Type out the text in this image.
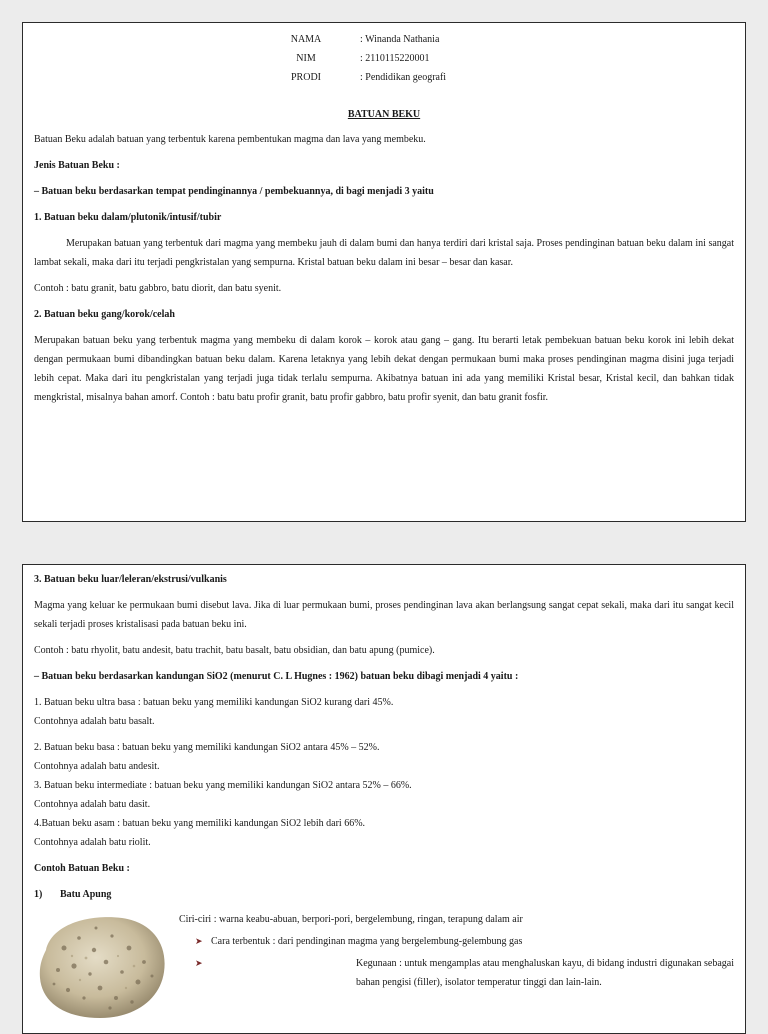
NAMA	: Winanda Nathania
NIM	: 2110115220001
PRODI	: Pendidikan geografi
BATUAN BEKU

Batuan Beku adalah batuan yang terbentuk karena pembentukan magma dan lava yang membeku.

Jenis Batuan Beku :

– Batuan beku berdasarkan tempat pendinginannya / pembekuannya, di bagi menjadi 3 yaitu

1. Batuan beku dalam/plutonik/intusif/tubir

Merupakan batuan yang terbentuk dari magma yang membeku jauh di dalam bumi dan hanya terdiri dari kristal saja. Proses pendinginan batuan beku dalam ini sangat lambat sekali, maka dari itu terjadi pengkristalan yang sempurna. Kristal batuan beku dalam ini besar – besar dan kasar.

Contoh : batu granit, batu gabbro, batu diorit, dan batu syenit.

2. Batuan beku gang/korok/celah

Merupakan batuan beku yang terbentuk magma yang membeku di dalam korok – korok atau gang – gang. Itu berarti letak pembekuan batuan beku korok ini lebih dekat dengan permukaan bumi dibandingkan batuan beku dalam. Karena letaknya yang lebih dekat dengan permukaan bumi maka proses pendinginan magma disini juga terjadi lebih cepat. Maka dari itu pengkristalan yang terjadi juga tidak terlalu sempurna. Akibatnya batuan ini ada yang memiliki Kristal besar, Kristal kecil, dan bahkan tidak mengkristal, misalnya bahan amorf. Contoh : batu batu profir granit, batu profir gabbro, batu profir syenit, dan batu granit fosfir.

3. Batuan beku luar/leleran/ekstrusi/vulkanis

Magma yang keluar ke permukaan bumi disebut lava. Jika di luar permukaan bumi, proses pendinginan lava akan berlangsung sangat cepat sekali, maka dari itu sangat kecil sekali terjadi proses kristalisasi pada batuan beku ini.

Contoh : batu rhyolit, batu andesit, batu trachit, batu basalt, batu obsidian, dan batu apung (pumice).

– Batuan beku berdasarkan kandungan SiO2 (menurut C. L Hugnes : 1962) batuan beku dibagi menjadi 4 yaitu :

1. Batuan beku ultra basa : batuan beku yang memiliki kandungan SiO2 kurang dari 45%.

Contohnya adalah batu basalt.

2. Batuan beku basa : batuan beku yang memiliki kandungan SiO2 antara 45% – 52%.

Contohnya adalah batu andesit.

3. Batuan beku intermediate : batuan beku yang memiliki kandungan SiO2 antara 52% – 66%.

Contohnya adalah batu dasit.

4.Batuan beku asam : batuan beku yang memiliki kandungan SiO2 lebih dari 66%.

Contohnya adalah batu riolit.

Contoh Batuan Beku :

1)	Batu Apung
Ciri-ciri : warna keabu-abuan, berpori-pori, bergelembung, ringan, terapung dalam air
➤ Cara terbentuk : dari pendinginan magma yang bergelembung-gelembung gas
➤	Kegunaan : untuk mengamplas atau menghaluskan kayu, di bidang industri digunakan sebagai bahan pengisi (filler), isolator temperatur tinggi dan lain-lain.
